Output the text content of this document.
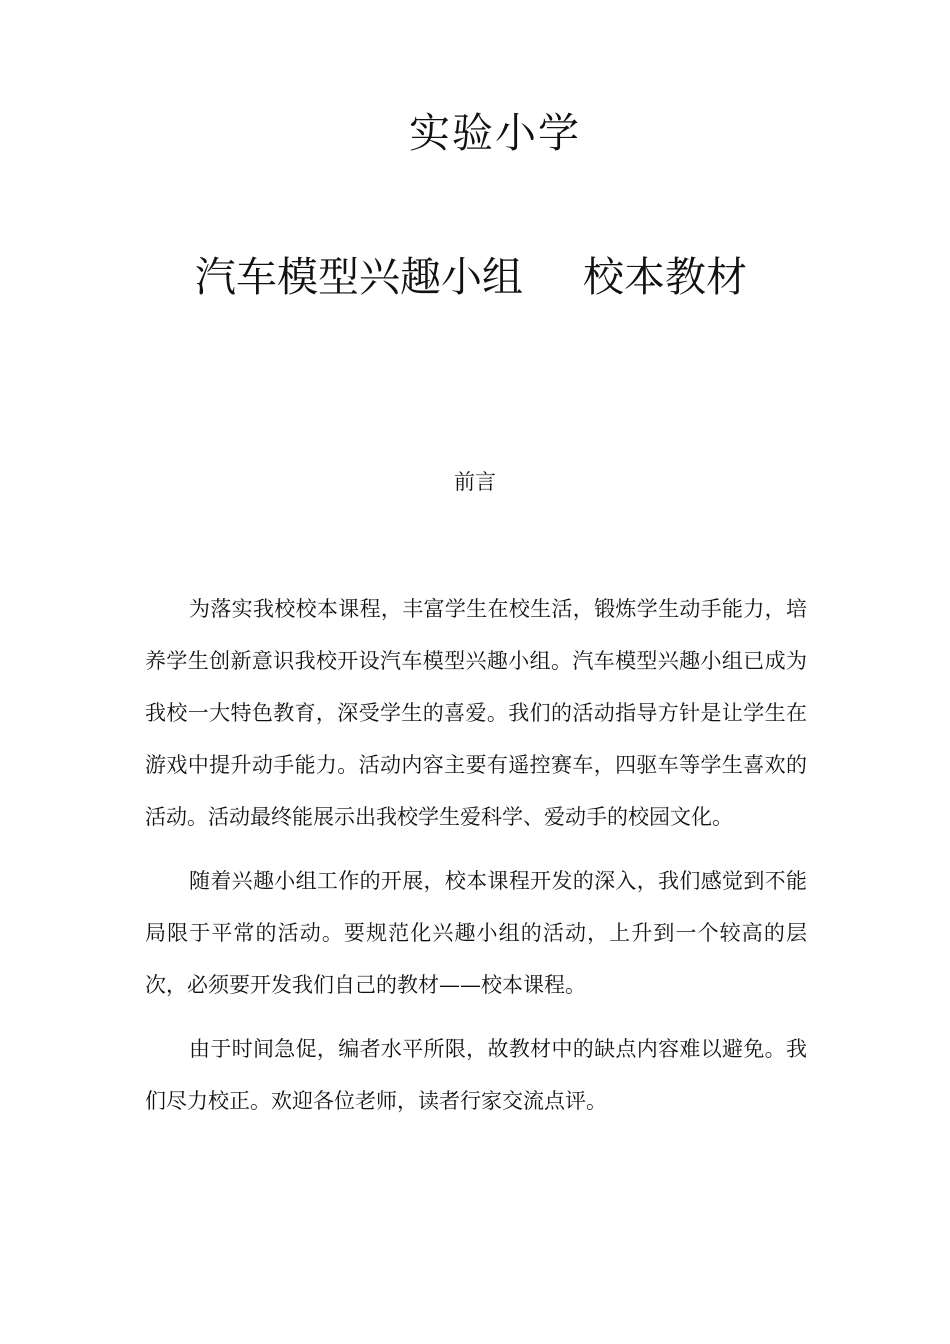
实验小学
汽车模型兴趣小组 校本教材
前言

为落实我校校本课程，丰富学生在校生活，锻炼学生动手能力，培养学生创新意识我校开设汽车模型兴趣小组。汽车模型兴趣小组已成为我校一大特色教育，深受学生的喜爱。我们的活动指导方针是让学生在游戏中提升动手能力。活动内容主要有遥控赛车，四驱车等学生喜欢的活动。活动最终能展示出我校学生爱科学、爱动手的校园文化。

随着兴趣小组工作的开展，校本课程开发的深入，我们感觉到不能局限于平常的活动。要规范化兴趣小组的活动，上升到一个较高的层次，必须要开发我们自己的教材——校本课程。

由于时间急促，编者水平所限，故教材中的缺点内容难以避免。我们尽力校正。欢迎各位老师，读者行家交流点评。
